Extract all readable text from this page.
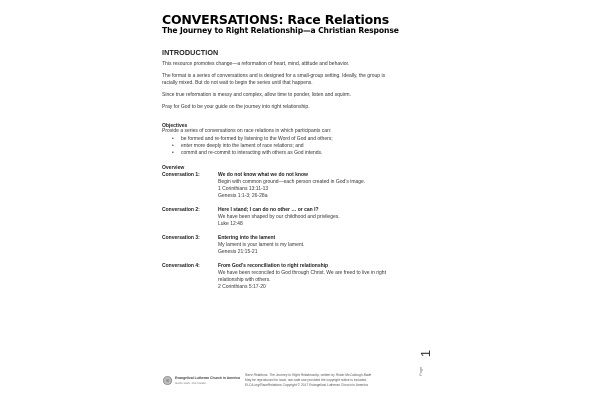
CONVERSATIONS: Race Relations
The Journey to Right Relationship—a Christian Response
INTRODUCTION
This resource promotes change—a reformation of heart, mind, attitude and behavior.
The format is a series of conversations and is designed for a small-group setting. Ideally, the group is
racially mixed. But do not wait to begin the series until that happens.
Since true reformation is messy and complex, allow time to ponder, listen and squirm.
Pray for God to be your guide on the journey into right relationship.
Objectives
Provide a series of conversations on race relations in which participants can:
• be formed and re-formed by listening to the Word of God and others;
• enter more deeply into the lament of race relations; and
• commit and re-commit to interacting with others as God intends.
Overview
Conversation 1:	We do not know what we do not know
Begin with common ground—each person created in God’s image.
1 Corinthians 13:11-13
Genesis 1:1-3; 26-28a
Conversation 2:	Here I stand; I can do no other … or can I?
We have been shaped by our childhood and privileges.
Luke 12:48
Conversation 3:	Entering into the lament
My lament is your lament is my lament.
Genesis 21:15-21
Conversation 4:	From God’s reconciliation to right relationship
We have been reconciled to God through Christ. We are freed to live in right
relationship with others.
2 Corinthians 5:17-20
1
Page
Evangelical Lutheran Church in America
God's work. Our hands.
Race Relations: The Journey to Right Relationship, written by Robin McCullough Bade
May be reproduced for local, non-sale use provided the copyright notice is included.
ELCA.org/RaceRelations Copyright © 2017 Evangelical Lutheran Church in America
